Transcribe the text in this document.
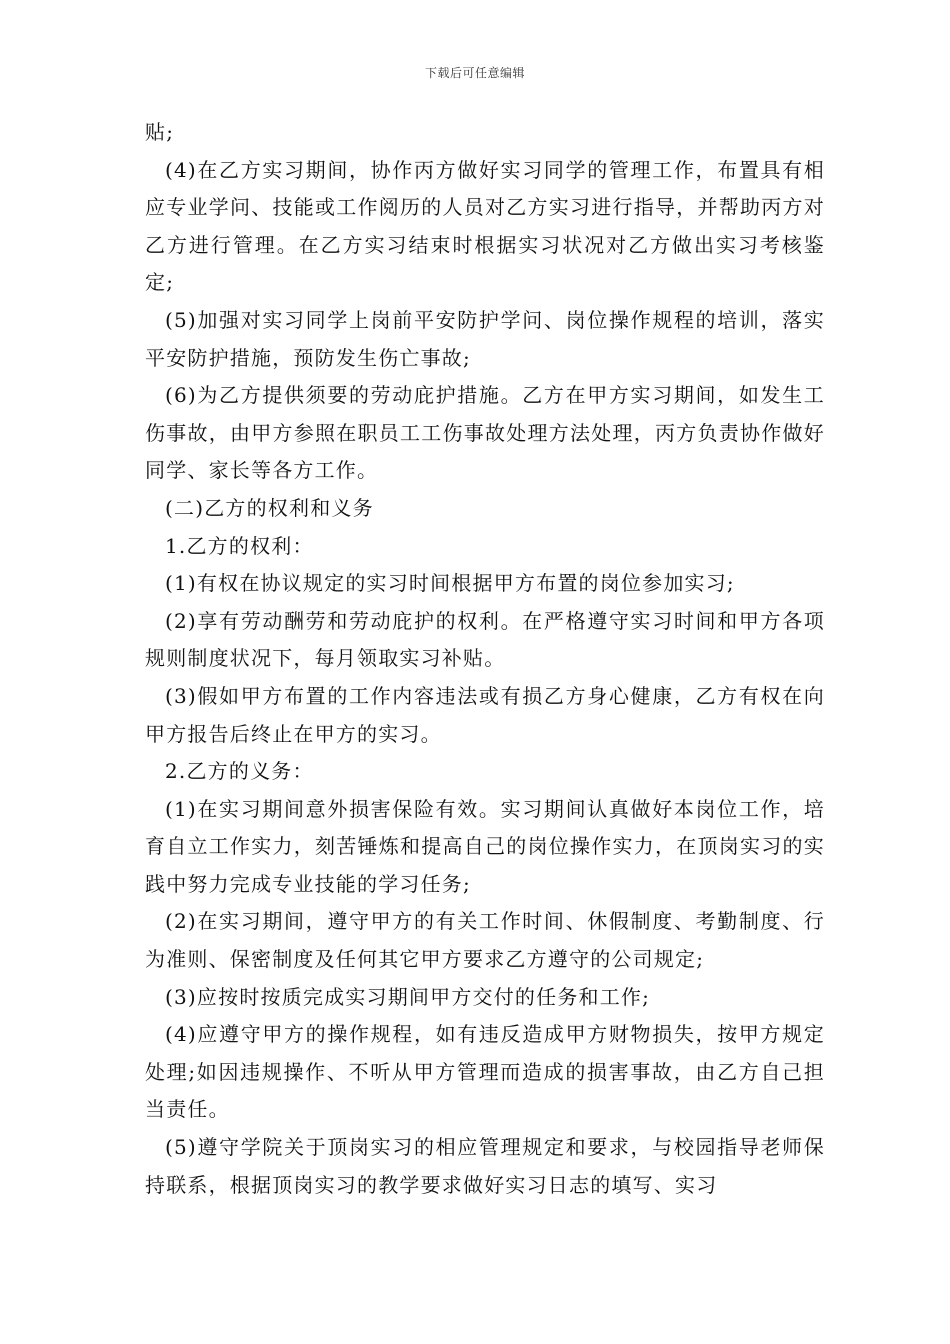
下载后可任意编辑

贴;

(4)在乙方实习期间，协作丙方做好实习同学的管理工作，布置具有相应专业学问、技能或工作阅历的人员对乙方实习进行指导，并帮助丙方对乙方进行管理。在乙方实习结束时根据实习状况对乙方做出实习考核鉴定;

(5)加强对实习同学上岗前平安防护学问、岗位操作规程的培训，落实平安防护措施，预防发生伤亡事故;

(6)为乙方提供须要的劳动庇护措施。乙方在甲方实习期间，如发生工伤事故，由甲方参照在职员工工伤事故处理方法处理，丙方负责协作做好同学、家长等各方工作。

(二)乙方的权利和义务

1.乙方的权利：

(1)有权在协议规定的实习时间根据甲方布置的岗位参加实习;

(2)享有劳动酬劳和劳动庇护的权利。在严格遵守实习时间和甲方各项规则制度状况下，每月领取实习补贴。

(3)假如甲方布置的工作内容违法或有损乙方身心健康，乙方有权在向甲方报告后终止在甲方的实习。

2.乙方的义务：

(1)在实习期间意外损害保险有效。实习期间认真做好本岗位工作，培育自立工作实力，刻苦锤炼和提高自己的岗位操作实力，在顶岗实习的实践中努力完成专业技能的学习任务;

(2)在实习期间，遵守甲方的有关工作时间、休假制度、考勤制度、行为准则、保密制度及任何其它甲方要求乙方遵守的公司规定;

(3)应按时按质完成实习期间甲方交付的任务和工作;

(4)应遵守甲方的操作规程，如有违反造成甲方财物损失，按甲方规定处理;如因违规操作、不听从甲方管理而造成的损害事故，由乙方自己担当责任。

(5)遵守学院关于顶岗实习的相应管理规定和要求，与校园指导老师保持联系，根据顶岗实习的教学要求做好实习日志的填写、实习
